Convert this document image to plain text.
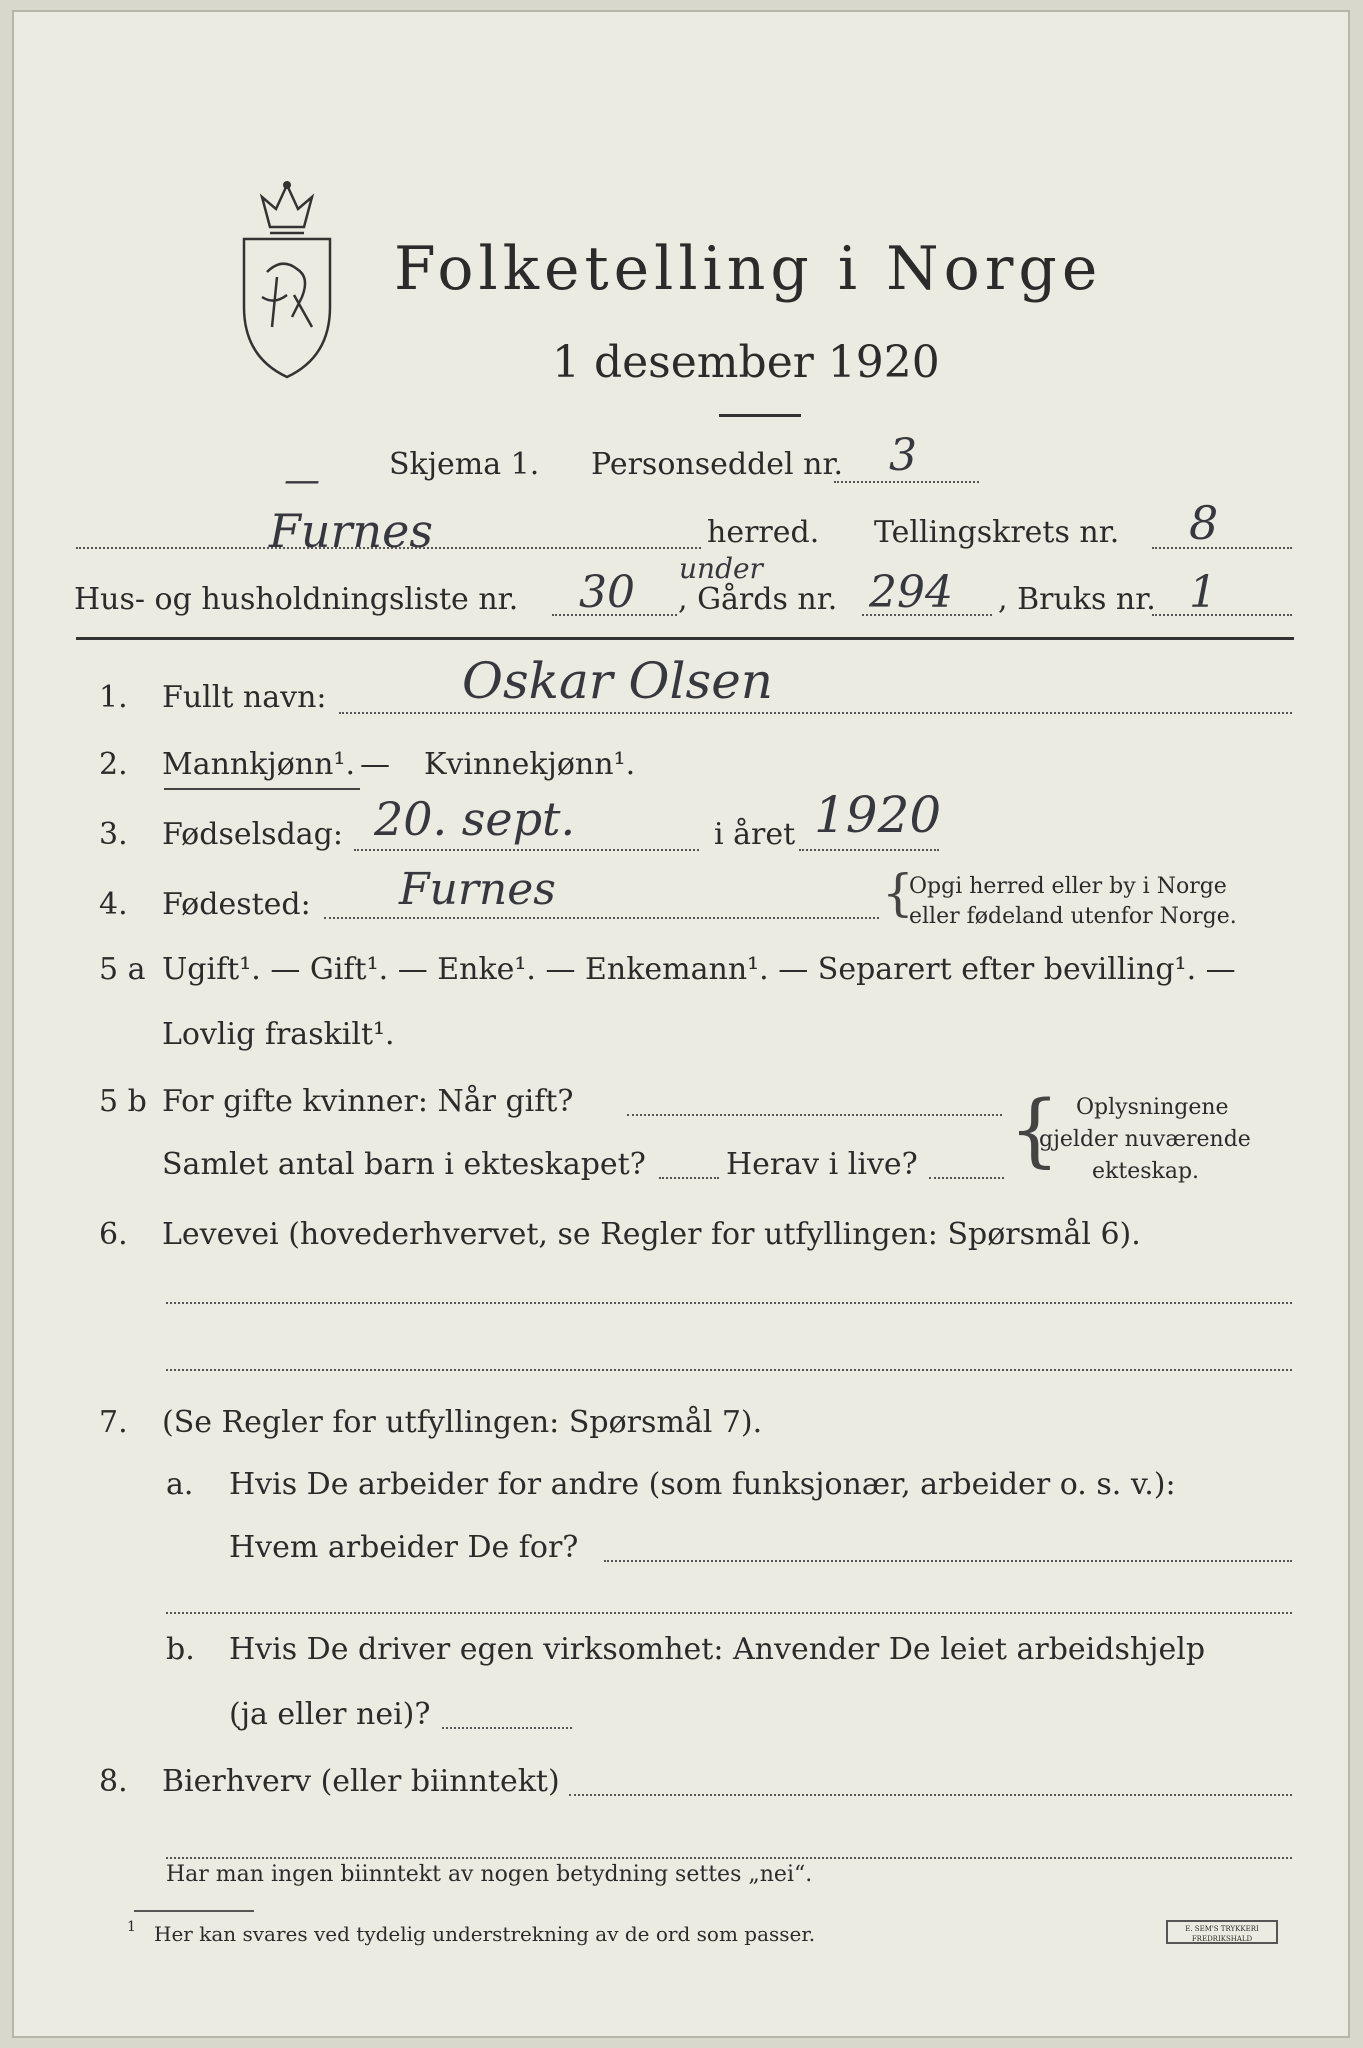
Folketelling i Norge
1 desember 1920
— Skjema 1. Personseddel nr. 3
Furnes	herred. Tellingskrets nr. 8
Hus- og husholdningsliste nr. 30 , Gårds nr.
under 294 , Bruks nr. 1
1. Fullt navn:	Oskar Olsen
2. Mannkjønn¹. — Kvinnekjønn¹.
3. Fødselsdag: 20. sept.	i året 1920
4. Fødested: Furnes	{
Opgi herred eller by i Norge
eller fødeland utenfor Norge.
5 a Ugift¹. — Gift¹. — Enke¹. — Enkemann¹. — Separert efter bevilling¹. —
Lovlig fraskilt¹.
5 b For gifte kvinner: Når gift?
Samlet antal barn i ekteskapet?	Herav i live? { Oplysningene
gjelder nuværende
ekteskap.
6. Levevei (hovederhvervet, se Regler for utfyllingen: Spørsmål 6).
7. (Se Regler for utfyllingen: Spørsmål 7).
a. Hvis De arbeider for andre (som funksjonær, arbeider o. s. v.):
Hvem arbeider De for?
b. Hvis De driver egen virksomhet: Anvender De leiet arbeidshjelp
(ja eller nei)?
8. Bierhverv (eller biinntekt)
Har man ingen biinntekt av nogen betydning settes „nei“.
1 Her kan svares ved tydelig understrekning av de ord som passer.	E. SEM'S TRYKKERI FREDRIKSHALD
